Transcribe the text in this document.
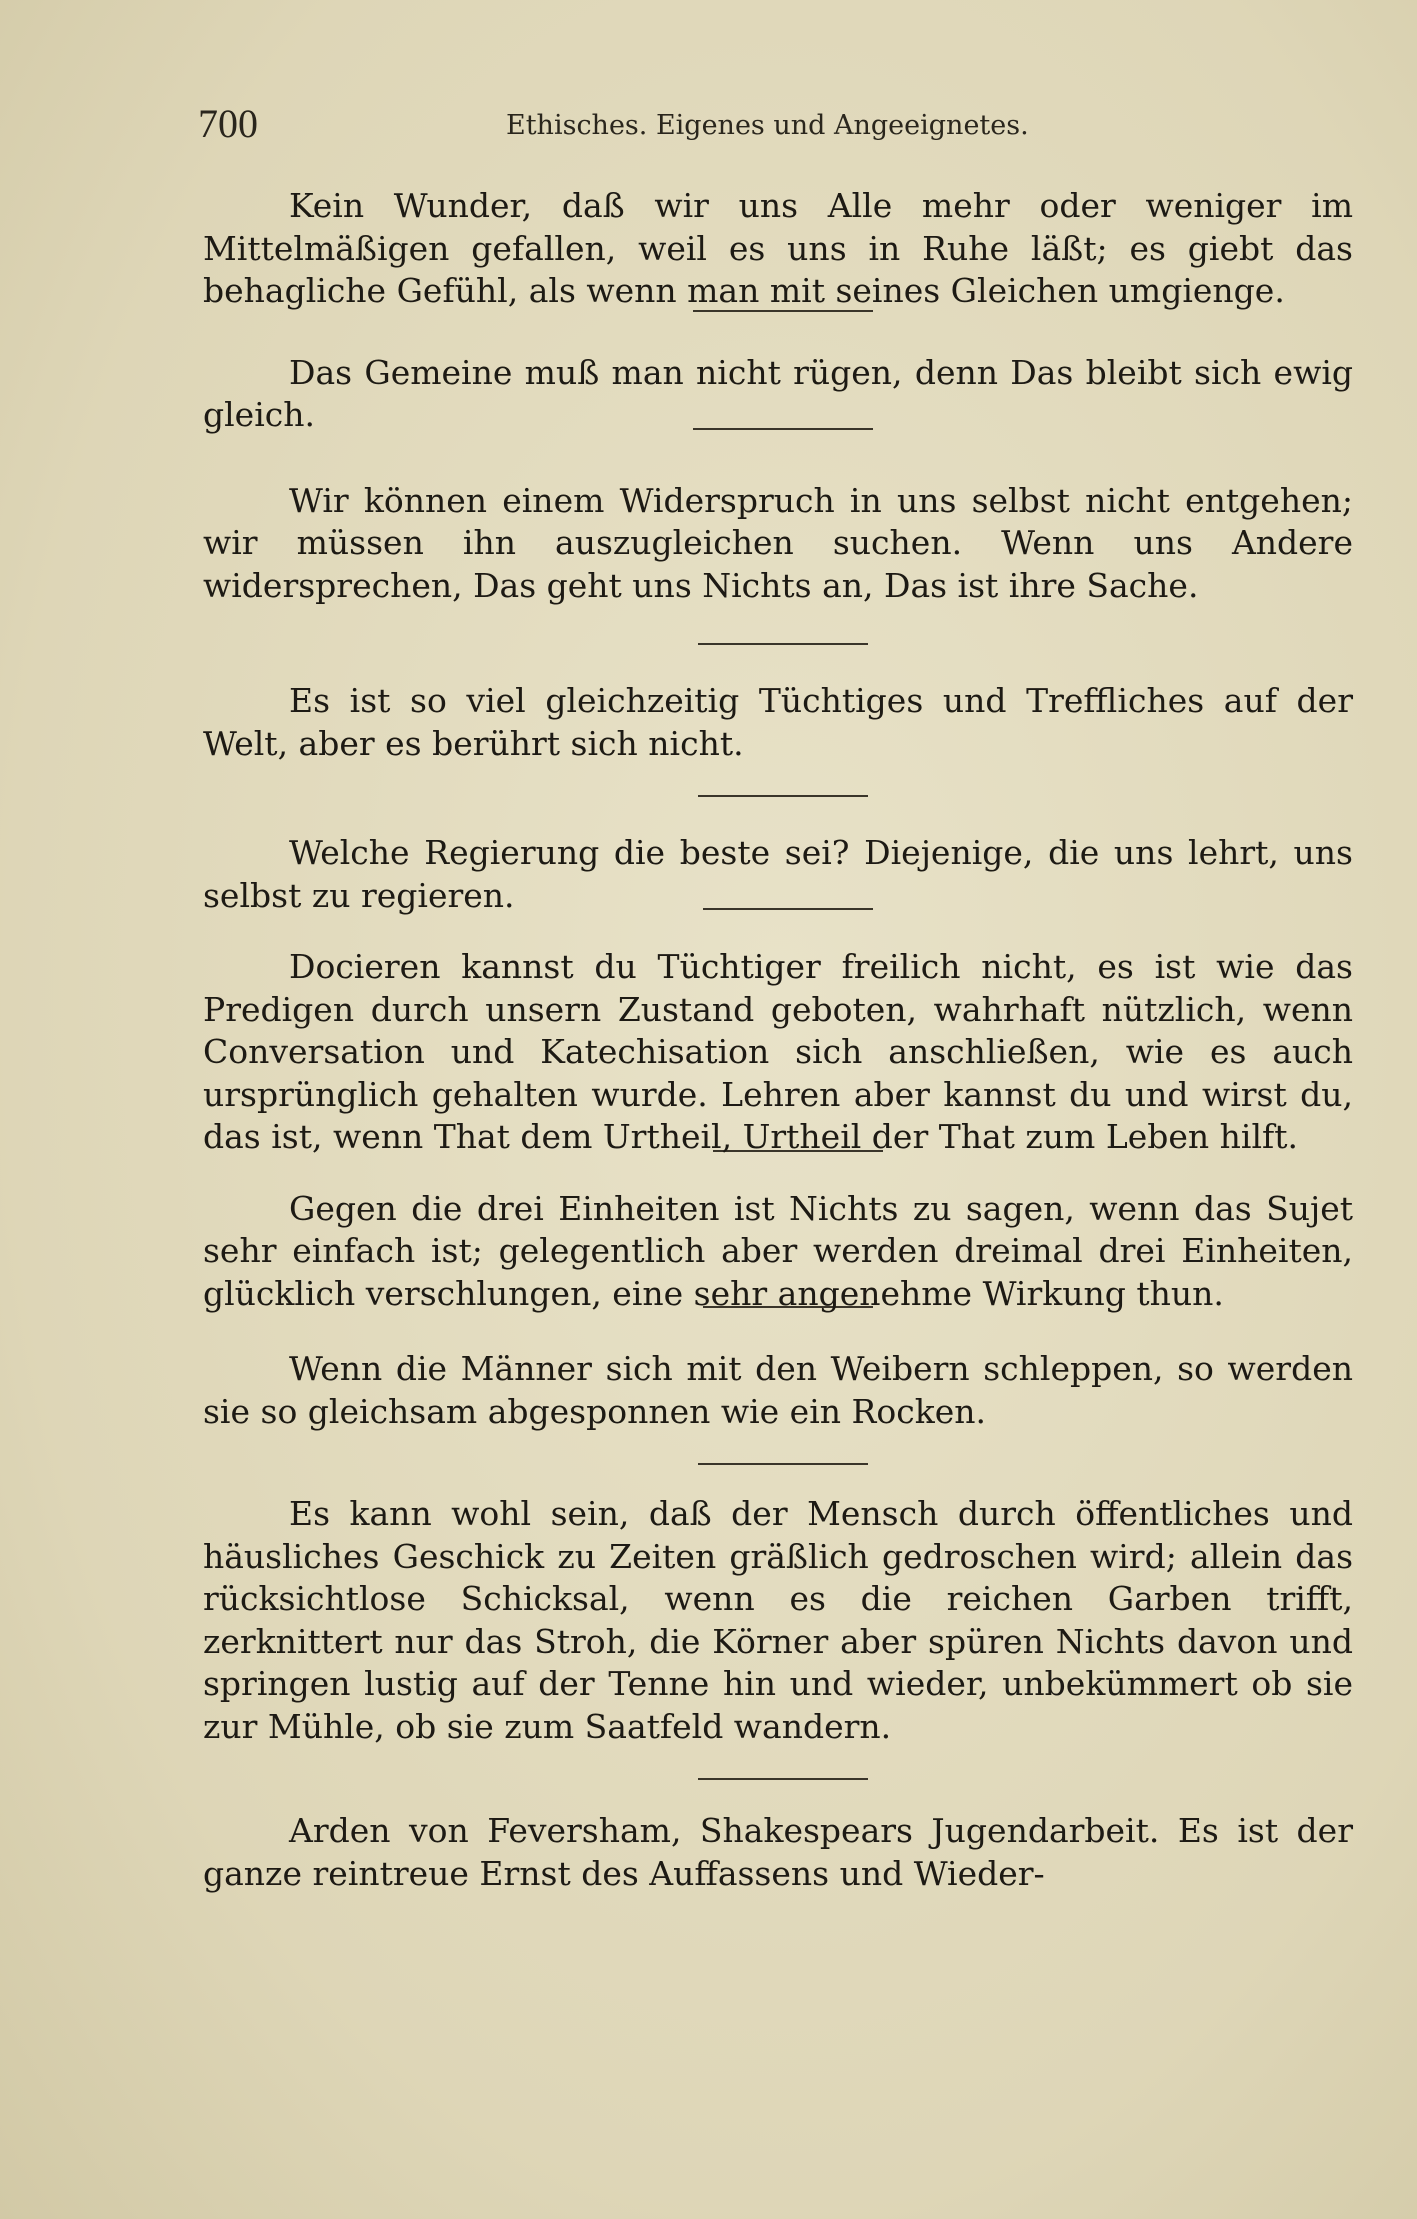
700	Ethisches. Eigenes und Angeeignetes.

Kein Wunder, daß wir uns Alle mehr oder weniger im Mittelmäßigen gefallen, weil es uns in Ruhe läßt; es giebt das behagliche Gefühl, als wenn man mit seines Gleichen umgienge.

Das Gemeine muß man nicht rügen, denn Das bleibt sich ewig gleich.

Wir können einem Widerspruch in uns selbst nicht entgehen; wir müssen ihn auszugleichen suchen. Wenn uns Andere widersprechen, Das geht uns Nichts an, Das ist ihre Sache.

Es ist so viel gleichzeitig Tüchtiges und Treffliches auf der Welt, aber es berührt sich nicht.

Welche Regierung die beste sei? Diejenige, die uns lehrt, uns selbst zu regieren.

Docieren kannst du Tüchtiger freilich nicht, es ist wie das Predigen durch unsern Zustand geboten, wahrhaft nützlich, wenn Conversation und Katechisation sich anschließen, wie es auch ursprünglich gehalten wurde. Lehren aber kannst du und wirst du, das ist, wenn That dem Urtheil, Urtheil der That zum Leben hilft.

Gegen die drei Einheiten ist Nichts zu sagen, wenn das Sujet sehr einfach ist; gelegentlich aber werden dreimal drei Einheiten, glücklich verschlungen, eine sehr angenehme Wirkung thun.

Wenn die Männer sich mit den Weibern schleppen, so werden sie so gleichsam abgesponnen wie ein Rocken.

Es kann wohl sein, daß der Mensch durch öffentliches und häusliches Geschick zu Zeiten gräßlich gedroschen wird; allein das rücksichtlose Schicksal, wenn es die reichen Garben trifft, zerknittert nur das Stroh, die Körner aber spüren Nichts davon und springen lustig auf der Tenne hin und wieder, unbekümmert ob sie zur Mühle, ob sie zum Saatfeld wandern.

Arden von Feversham, Shakespears Jugendarbeit. Es ist der ganze reintreue Ernst des Auffassens und Wieder-
